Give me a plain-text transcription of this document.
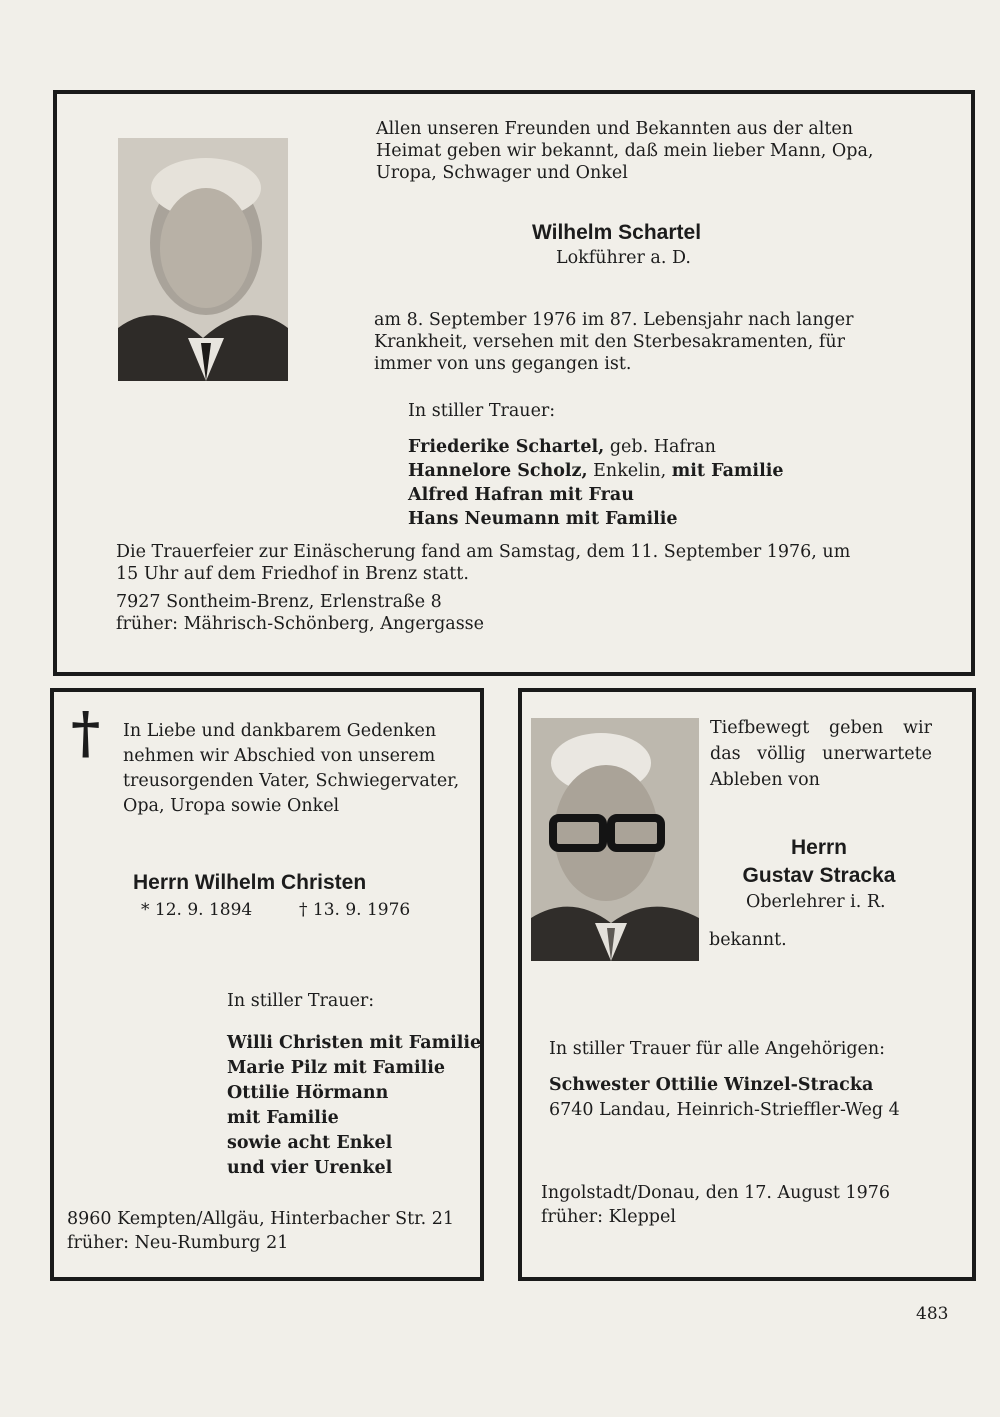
Allen unseren Freunden und Bekannten aus der alten
Heimat geben wir bekannt, daß mein lieber Mann, Opa,
Uropa, Schwager und Onkel
Wilhelm Schartel
Lokführer a. D.
am 8. September 1976 im 87. Lebensjahr nach langer
Krankheit, versehen mit den Sterbesakramenten, für
immer von uns gegangen ist.
In stiller Trauer:
Friederike Schartel, geb. Hafran
Hannelore Scholz, Enkelin, mit Familie
Alfred Hafran mit Frau
Hans Neumann mit Familie
Die Trauerfeier zur Einäscherung fand am Samstag, dem 11. September 1976, um
15 Uhr auf dem Friedhof in Brenz statt.
7927 Sontheim-Brenz, Erlenstraße 8
früher: Mährisch-Schönberg, Angergasse
† In Liebe und dankbarem Gedenken
nehmen wir Abschied von unserem
treusorgenden Vater, Schwiegervater,
Opa, Uropa sowie Onkel
Herrn Wilhelm Christen
* 12. 9. 1894	† 13. 9. 1976
In stiller Trauer:
Willi Christen mit Familie
Marie Pilz mit Familie
Ottilie Hörmann
mit Familie
sowie acht Enkel
und vier Urenkel
8960 Kempten/Allgäu, Hinterbacher Str. 21
früher: Neu-Rumburg 21
Tiefbewegt geben wir
das völlig unerwartete
Ableben von
Herrn
Gustav Stracka
Oberlehrer i. R.
bekannt.
In stiller Trauer für alle Angehörigen:
Schwester Ottilie Winzel-Stracka
6740 Landau, Heinrich-Strieffler-Weg 4
Ingolstadt/Donau, den 17. August 1976
früher: Kleppel
483
